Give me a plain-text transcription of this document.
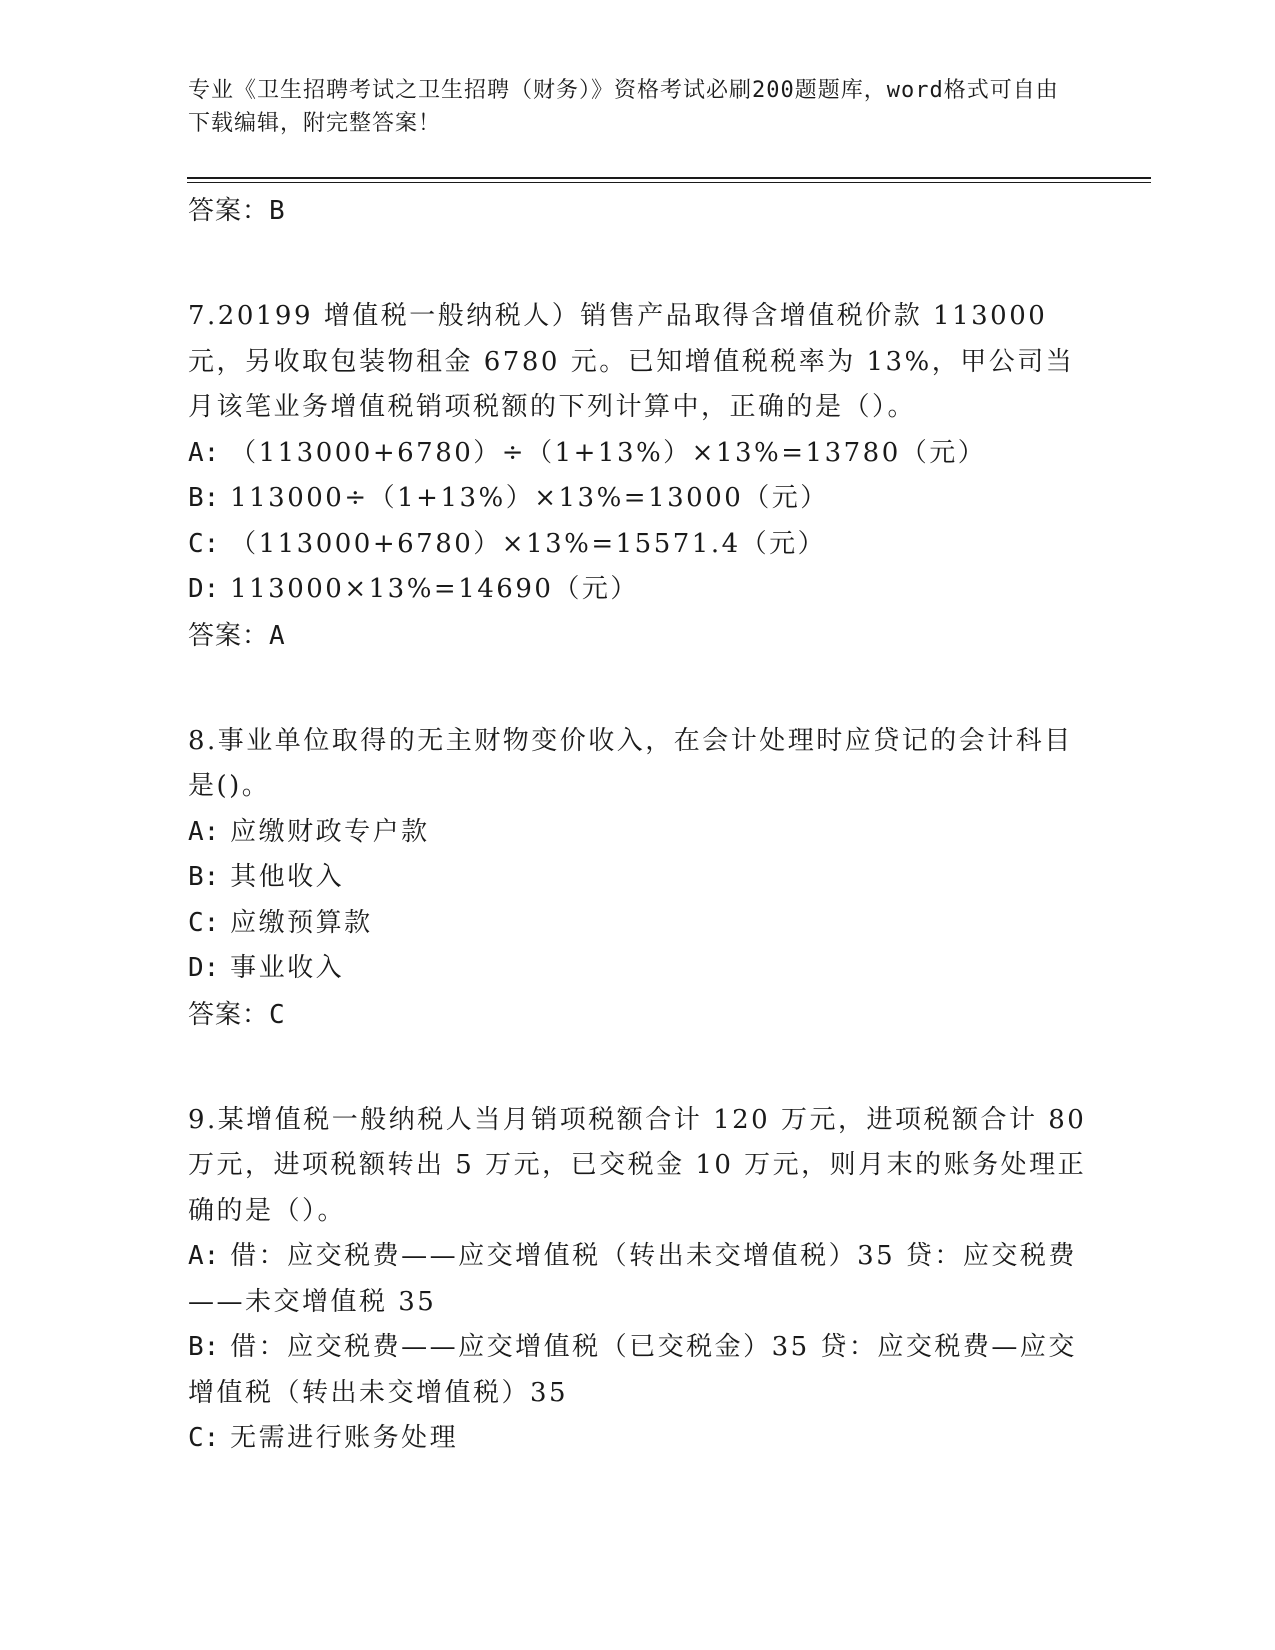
专业《卫生招聘考试之卫生招聘（财务）》资格考试必刷200题题库，word格式可自由下载编辑，附完整答案！
答案：B
7.20199 增值税一般纳税人）销售产品取得含增值税价款 113000 元，另收取包装物租金 6780 元。已知增值税税率为 13%，甲公司当月该笔业务增值税销项税额的下列计算中，正确的是（）。
A: （113000+6780）÷（1+13%）×13%=13780（元）
B: 113000÷（1+13%）×13%=13000（元）
C: （113000+6780）×13%=15571.4（元）
D: 113000×13%=14690（元）
答案：A
8.事业单位取得的无主财物变价收入，在会计处理时应贷记的会计科目是()。
A: 应缴财政专户款
B: 其他收入
C: 应缴预算款
D: 事业收入
答案：C
9.某增值税一般纳税人当月销项税额合计 120 万元，进项税额合计 80 万元，进项税额转出 5 万元，已交税金 10 万元，则月末的账务处理正确的是（）。
A: 借：应交税费——应交增值税（转出未交增值税）35 贷：应交税费——未交增值税 35
B: 借：应交税费——应交增值税（已交税金）35 贷：应交税费—应交增值税（转出未交增值税）35
C: 无需进行账务处理
